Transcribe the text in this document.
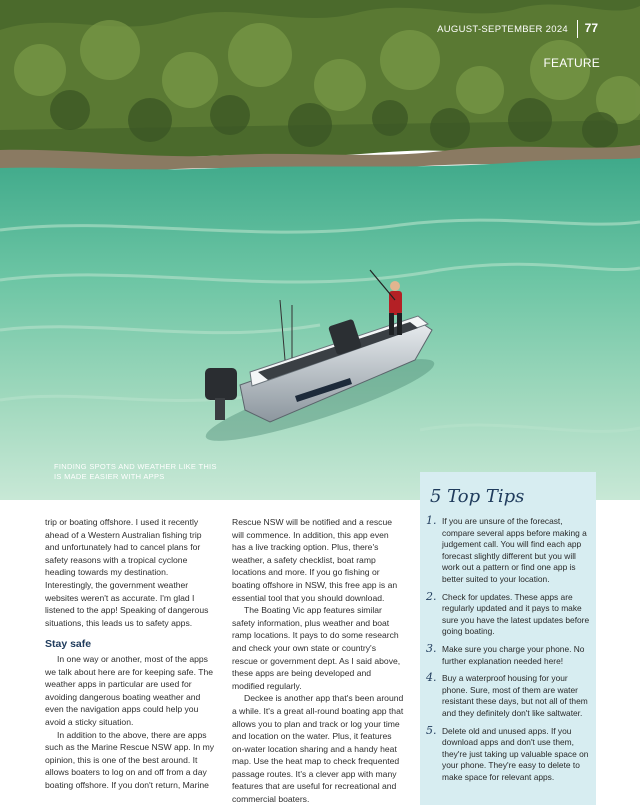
AUGUST-SEPTEMBER 2024 77
FEATURE
FINDING SPOTS AND WEATHER LIKE THIS IS MADE EASIER WITH APPS

trip or boating offshore. I used it recently ahead of a Western Australian fishing trip and unfortunately had to cancel plans for safety reasons with a tropical cyclone heading towards my destination. Interestingly, the government weather websites weren't as accurate. I'm glad I listened to the app! Speaking of dangerous situations, this leads us to safety apps.

Stay safe

In one way or another, most of the apps we talk about here are for keeping safe. The weather apps in particular are used for avoiding dangerous boating weather and even the navigation apps could help you avoid a sticky situation.

In addition to the above, there are apps such as the Marine Rescue NSW app. In my opinion, this is one of the best around. It allows boaters to log on and off from a day boating offshore. If you don't return, Marine

Rescue NSW will be notified and a rescue will commence. In addition, this app even has a live tracking option. Plus, there's weather, a safety checklist, boat ramp locations and more. If you go fishing or boating offshore in NSW, this free app is an essential tool that you should download.

The Boating Vic app features similar safety information, plus weather and boat ramp locations. It pays to do some research and check your own state or country's rescue or government dept. As I said above, these apps are being developed and modified regularly.

Deckee is another app that's been around a while. It's a great all-round boating app that allows you to plan and track or log your time and location on the water. Plus, it features on-water location sharing and a handy heat map. Use the heat map to check frequented passage routes. It's a clever app with many features that are useful for recreational and commercial boaters.

5 Top Tips
1. If you are unsure of the forecast, compare several apps before making a judgement call. You will find each app forecast slightly different but you will work out a pattern or find one app is better suited to your location.
2. Check for updates. These apps are regularly updated and it pays to make sure you have the latest updates before going boating.
3. Make sure you charge your phone. No further explanation needed here!
4. Buy a waterproof housing for your phone. Sure, most of them are water resistant these days, but not all of them and they definitely don't like saltwater.
5. Delete old and unused apps. If you download apps and don't use them, they're just taking up valuable space on your phone. They're easy to delete to make space for relevant apps.
